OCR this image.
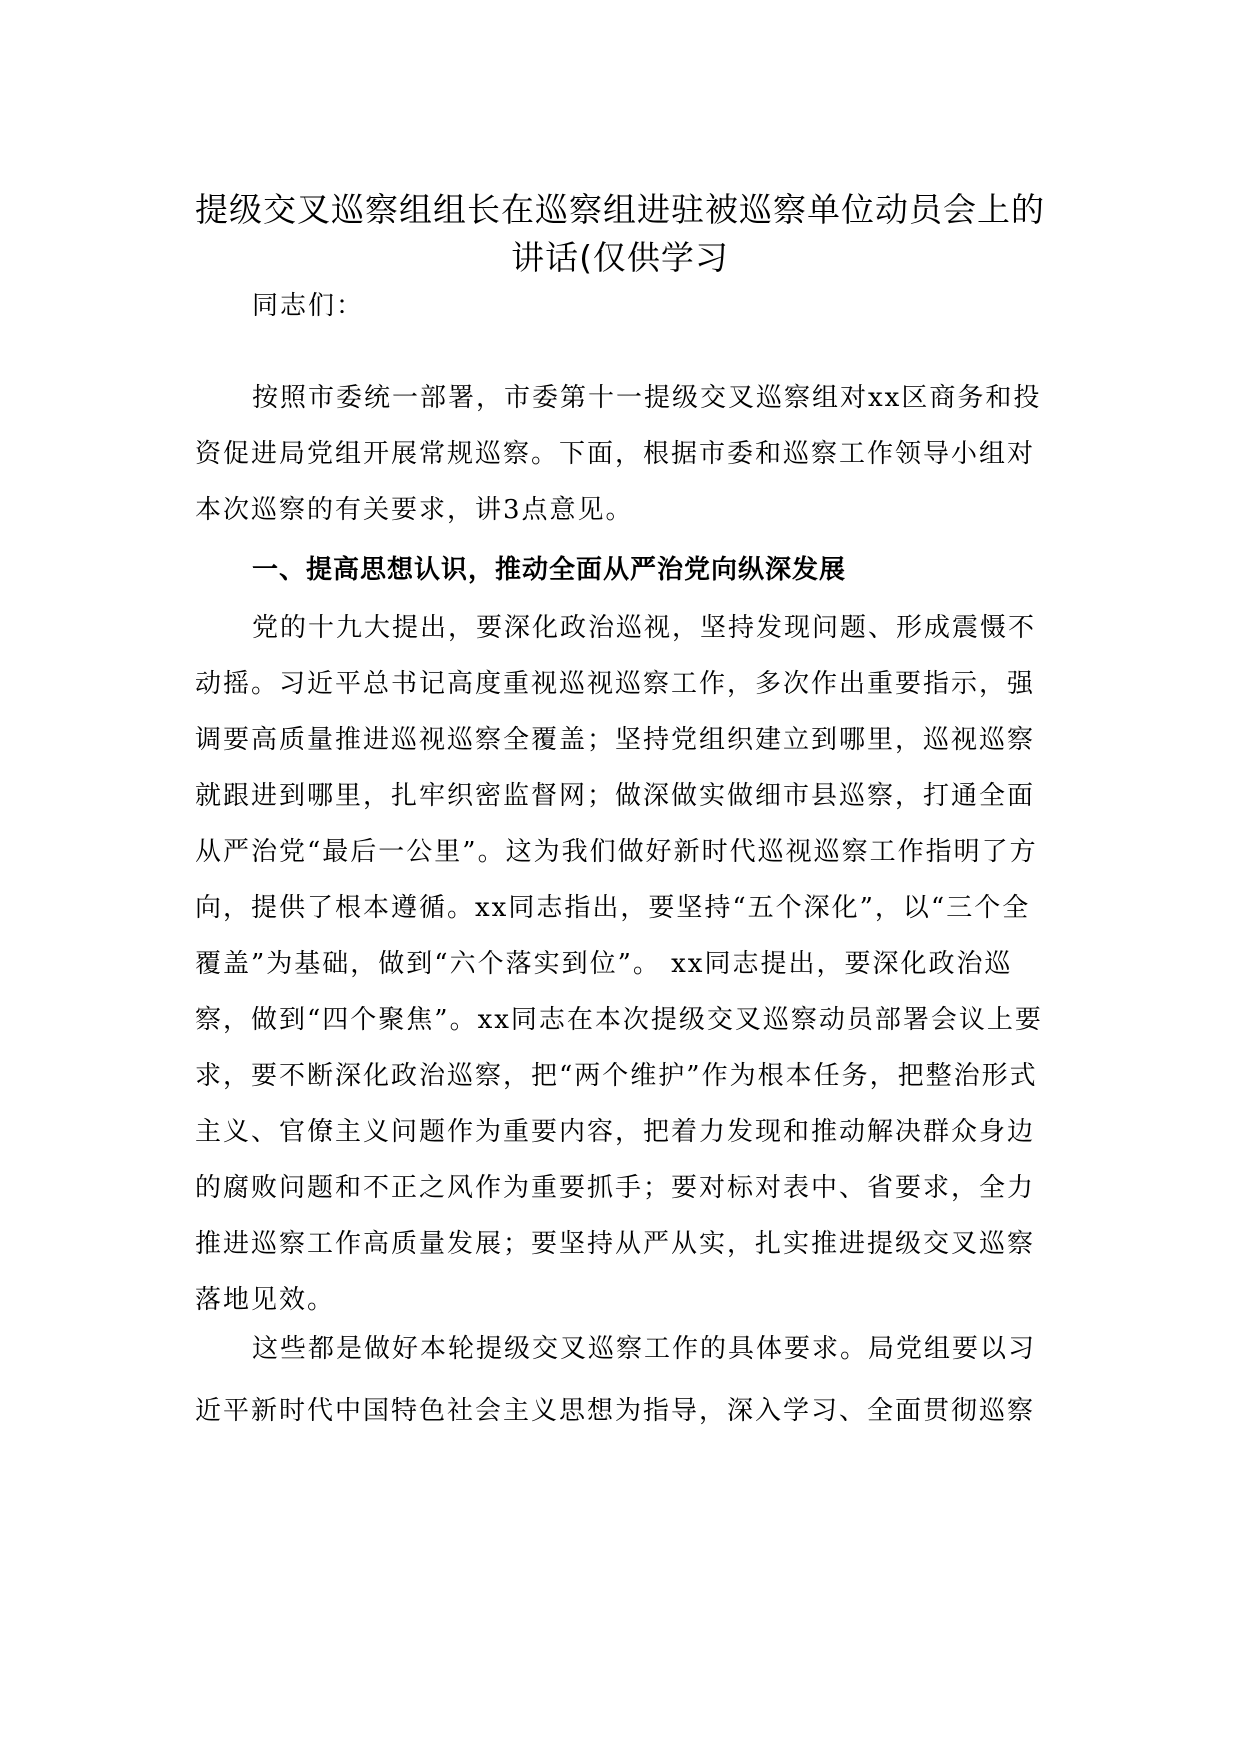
提级交叉巡察组组长在巡察组进驻被巡察单位动员会上的
讲话(仅供学习

同志们：

按照市委统一部署，市委第十一提级交叉巡察组对xx区商务和投资促进局党组开展常规巡察。下面，根据市委和巡察工作领导小组对本次巡察的有关要求，讲3点意见。

一、提高思想认识，推动全面从严治党向纵深发展

党的十九大提出，要深化政治巡视，坚持发现问题、形成震慑不动摇。习近平总书记高度重视巡视巡察工作，多次作出重要指示，强调要高质量推进巡视巡察全覆盖；坚持党组织建立到哪里，巡视巡察就跟进到哪里，扎牢织密监督网；做深做实做细市县巡察，打通全面从严治党“最后一公里”。这为我们做好新时代巡视巡察工作指明了方向，提供了根本遵循。xx同志指出，要坚持“五个深化”，以“三个全覆盖”为基础，做到“六个落实到位”。 xx同志提出，要深化政治巡察，做到“四个聚焦”。xx同志在本次提级交叉巡察动员部署会议上要求，要不断深化政治巡察，把“两个维护”作为根本任务，把整治形式主义、官僚主义问题作为重要内容，把着力发现和推动解决群众身边的腐败问题和不正之风作为重要抓手；要对标对表中、省要求，全力推进巡察工作高质量发展；要坚持从严从实，扎实推进提级交叉巡察落地见效。

这些都是做好本轮提级交叉巡察工作的具体要求。局党组要以习近平新时代中国特色社会主义思想为指导，深入学习、全面贯彻巡察
